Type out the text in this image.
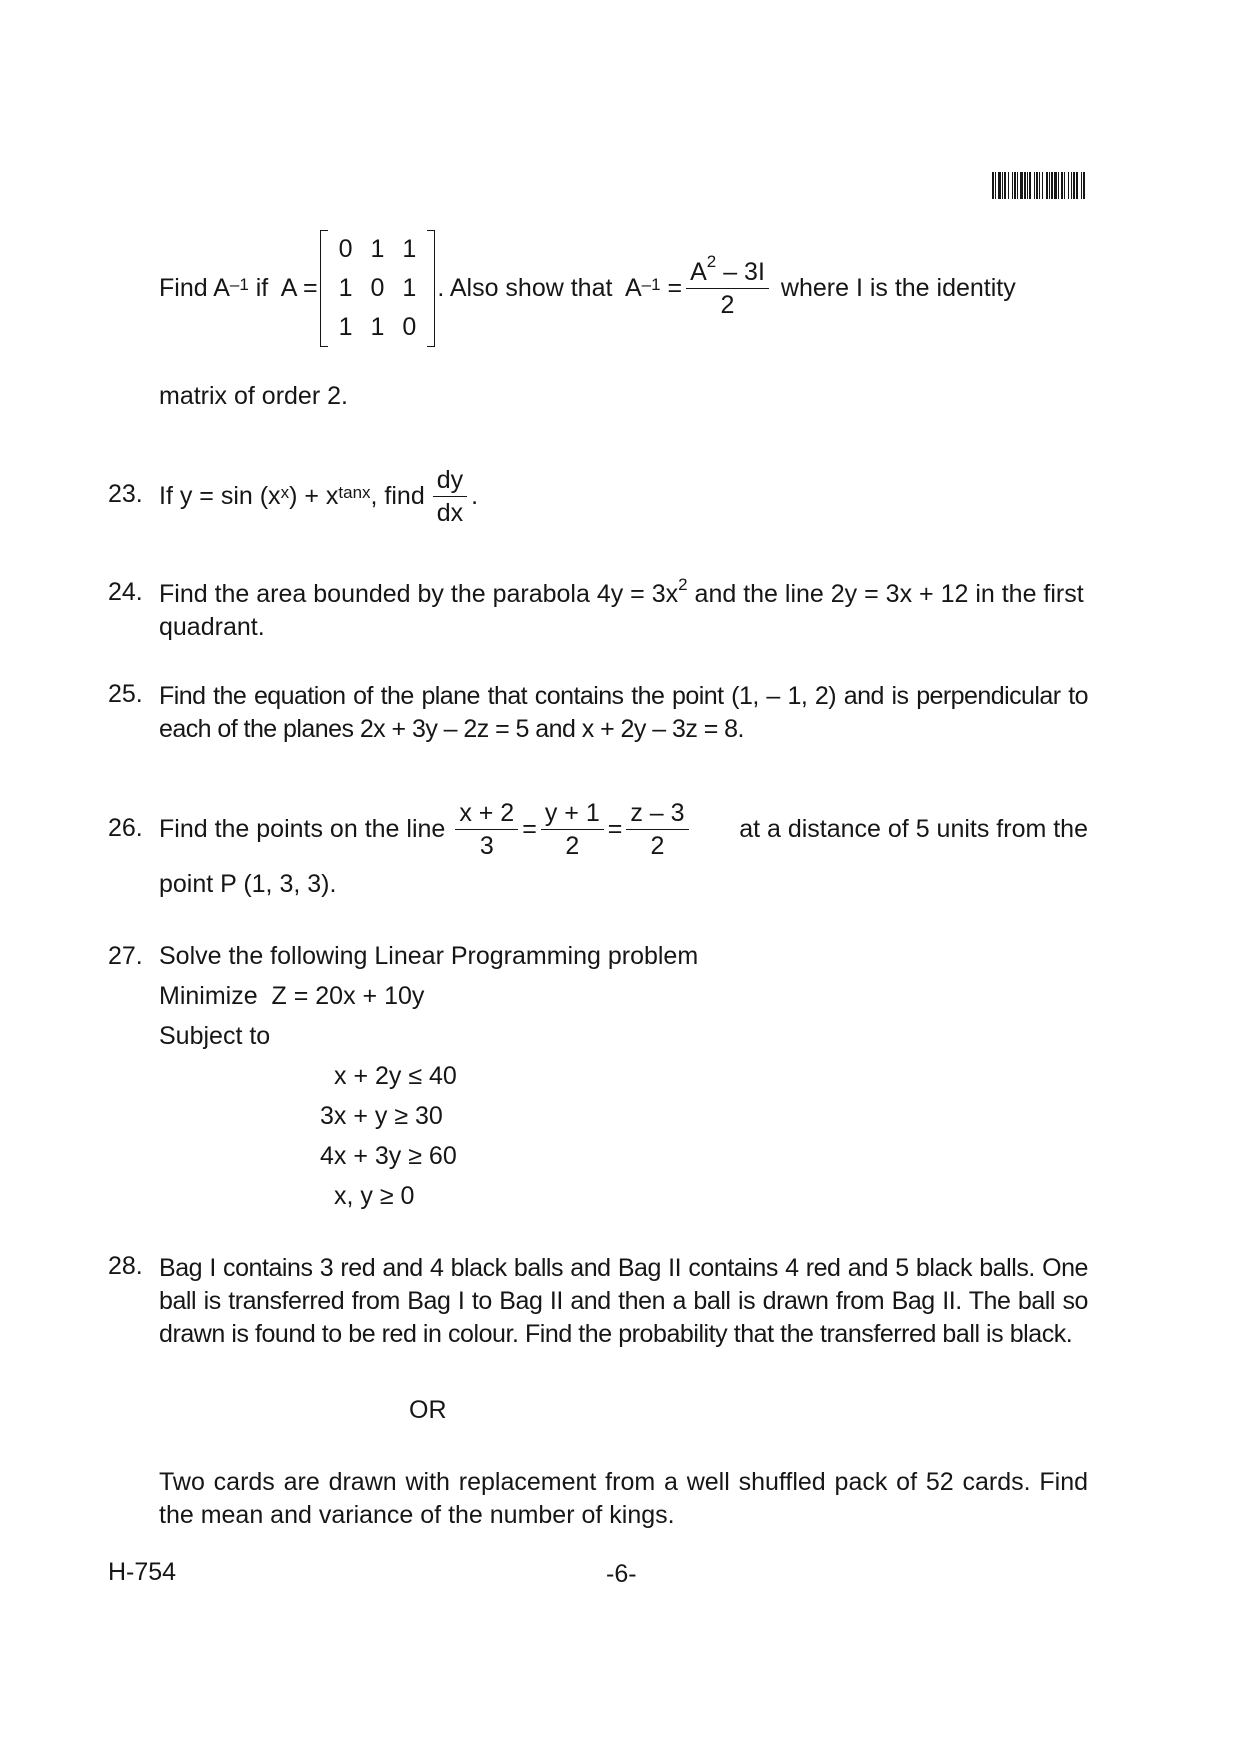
Find $A^{-1}$ if  A =
0	1	1
1	0	1
1	1	0
. Also show that  $A^{-1} = \frac{A^2 - 3I}{2}$ where I is the identity
matrix of order 2.
23. If $y = \sin (x^x$ ) + $x^{tanx}$ , find $\frac{dy}{dx}$ .
24. Find the area bounded by the parabola $4y = 3x^2$ and the line 2y = 3x + 12 in the first quadrant.
25. Find the equation of the plane that contains the point (1, – 1, 2) and is perpendicular to each of the planes 2x + 3y – 2z = 5 and x + 2y – 3z = 8.
26. Find the points on the line $\frac{x + 2}{3} = \frac{y + 1}{2} = \frac{z - 3}{2}$ at a distance of 5 units from the
point P (1, 3, 3).
27. Solve the following Linear Programming problem
Minimize  Z = 20x + 10y
Subject to
x + 2y ≤ 40
3x + y ≥ 30
4x + 3y ≥ 60
x, y ≥ 0
28. Bag I contains 3 red and 4 black balls and Bag II contains 4 red and 5 black balls. One ball is transferred from Bag I to Bag II and then a ball is drawn from Bag II. The ball so drawn is found to be red in colour. Find the probability that the transferred ball is black.
OR
Two cards are drawn with replacement from a well shuffled pack of 52 cards. Find the mean and variance of the number of kings.
H-754	-6-
